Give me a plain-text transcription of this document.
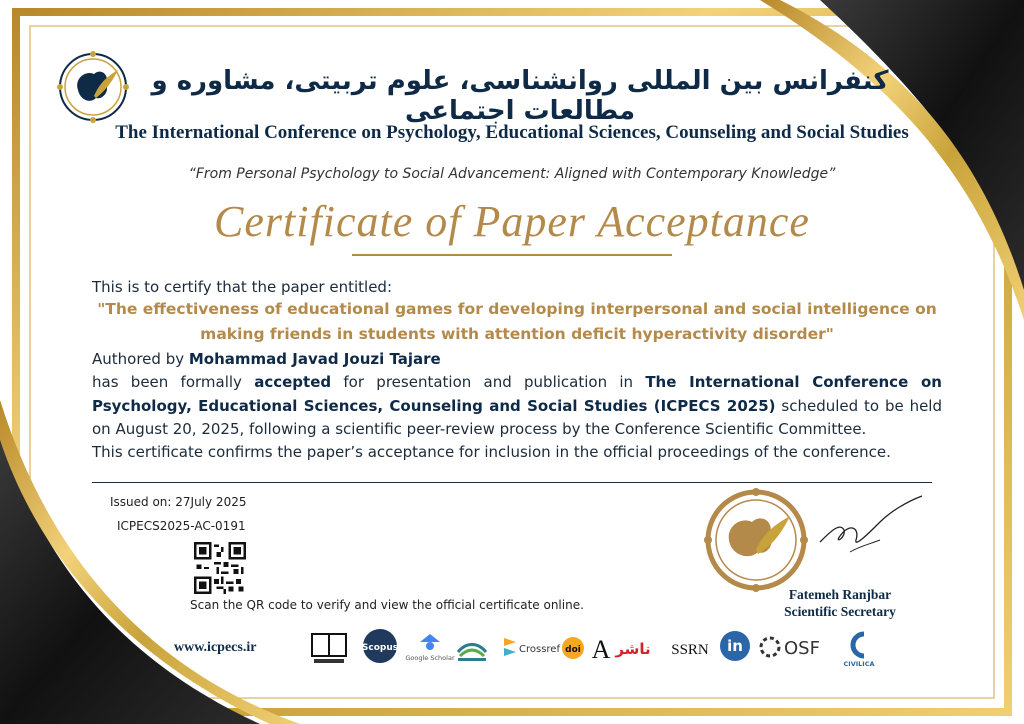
کنفرانس بین المللی روانشناسی، علوم تربیتی، مشاوره و مطالعات اجتماعی
The International Conference on Psychology, Educational Sciences, Counseling and Social Studies
“From Personal Psychology to Social Advancement: Aligned with Contemporary Knowledge”
Certificate of Paper Acceptance
This is to certify that the paper entitled:
"The effectiveness of educational games for developing interpersonal and social intelligence on making friends in students with attention deficit hyperactivity disorder"
Authored by Mohammad Javad Jouzi Tajare
has been formally accepted for presentation and publication in The International Conference on Psychology, Educational Sciences, Counseling and Social Studies (ICPECS 2025) scheduled to be held on August 20, 2025, following a scientific peer-review process by the Conference Scientific Committee.
This certificate confirms the paper’s acceptance for inclusion in the official proceedings of the conference.
Issued on: 27July 2025
ICPECS2025-AC-0191
Scan the QR code to verify and view the official certificate online.
Fatemeh Ranjbar
Scientific Secretary
www.icpecs.ir	Scopus
Google Scholar
Crossref doi A ناشر SSRN in OSF
CIVILICA
